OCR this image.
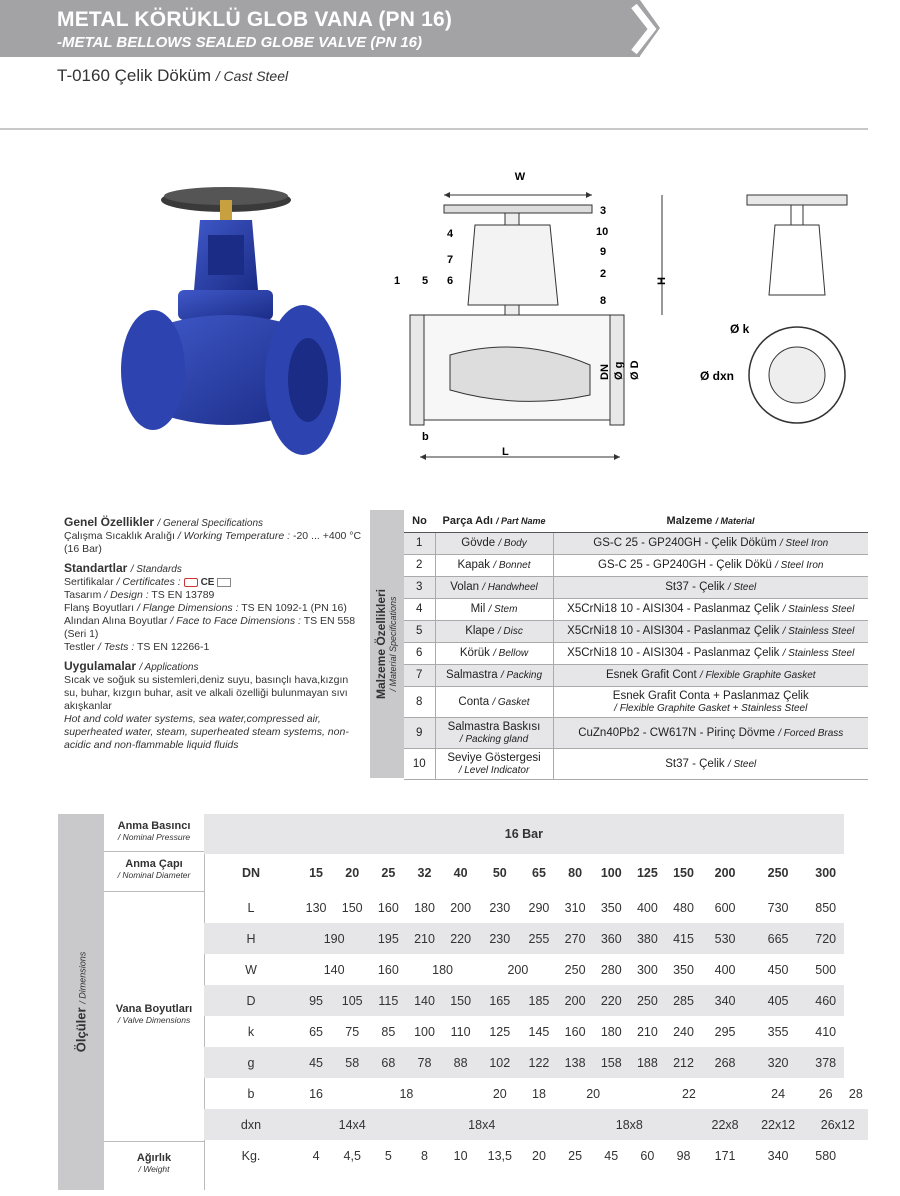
METAL KÖRÜKLÜ GLOB VANA (PN 16)
-METAL BELLOWS SEALED GLOBE VALVE (PN 16)
T-0160 Çelik Döküm / Cast Steel
W
H
L
b
DN Ø g Ø D
3
10
9
2
8
4
7
1 5 6
Ø k
Ø dxn
Genel Özellikler / General Specifications
Çalışma Sıcaklık Aralığı / Working Temperature : -20 ... +400 °C (16 Bar)
Standartlar / Standards
Sertifikalar / Certificates : CE
Tasarım / Design : TS EN 13789
Flanş Boyutları / Flange Dimensions : TS EN 1092-1 (PN 16)
Alından Alına Boyutlar / Face to Face Dimensions : TS EN 558 (Seri 1)
Testler / Tests : TS EN 12266-1
Uygulamalar / Applications
Sıcak ve soğuk su sistemleri,deniz suyu, basınçlı hava,kızgın su, buhar, kızgın buhar, asit ve alkali özelliği bulunmayan sıvı akışkanlar
Hot and cold water systems, sea water,compressed air, superheated water, steam, superheated steam systems, non-acidic and non-flammable liquid fluids
Malzeme Özellikleri / Material Specifications
No	Parça Adı / Part Name	Malzeme / Material
1	Gövde / Body	GS-C 25 - GP240GH - Çelik Döküm / Steel Iron
2	Kapak / Bonnet	GS-C 25 - GP240GH - Çelik Dökü / Steel Iron
3	Volan / Handwheel	St37 - Çelik / Steel
4	Mil / Stem	X5CrNi18 10 - AISI304 - Paslanmaz Çelik / Stainless Steel
5	Klape / Disc	X5CrNi18 10 - AISI304 - Paslanmaz Çelik / Stainless Steel
6	Körük / Bellow	X5CrNi18 10 - AISI304 - Paslanmaz Çelik / Stainless Steel
7	Salmastra / Packing	Esnek Grafit Cont / Flexible Graphite Gasket
8	Conta / Gasket	Esnek Grafit Conta + Paslanmaz Çelik
/ Flexible Graphite Gasket + Stainless Steel
9	Salmastra Baskısı
/ Packing gland	CuZn40Pb2 - CW617N - Pirinç Dövme / Forced Brass
10	Seviye Göstergesi
/ Level Indicator	St37 - Çelik / Steel
Ölçüler / Dimensions
Anma Basıncı
/ Nominal Pressure
Anma Çapı
/ Nominal Diameter
Vana Boyutları
/ Valve Dimensions
Ağırlık
/ Weight
16 Bar															
DN	15	20	25	32	40	50	65	80	100	125	150	200	250	300	
L	130	150	160	180	200	230	290	310	350	400	480	600	730	850	
H	190		195	210	220	230	255	270	360	380	415	530	665	720	
W	140		160	180		200		250	280	300	350	400	450	500	
D	95	105	115	140	150	165	185	200	220	250	285	340	405	460	
k	65	75	85	100	110	125	145	160	180	210	240	295	355	410	
g	45	58	68	78	88	102	122	138	158	188	212	268	320	378	
b	16	18				20	18	20		22			24	26	28
dxn	14x4			18x4				18x8				22x8	22x12	26x12	
Kg.	4	4,5	5	8	10	13,5	20	25	45	60	98	171	340	580	
